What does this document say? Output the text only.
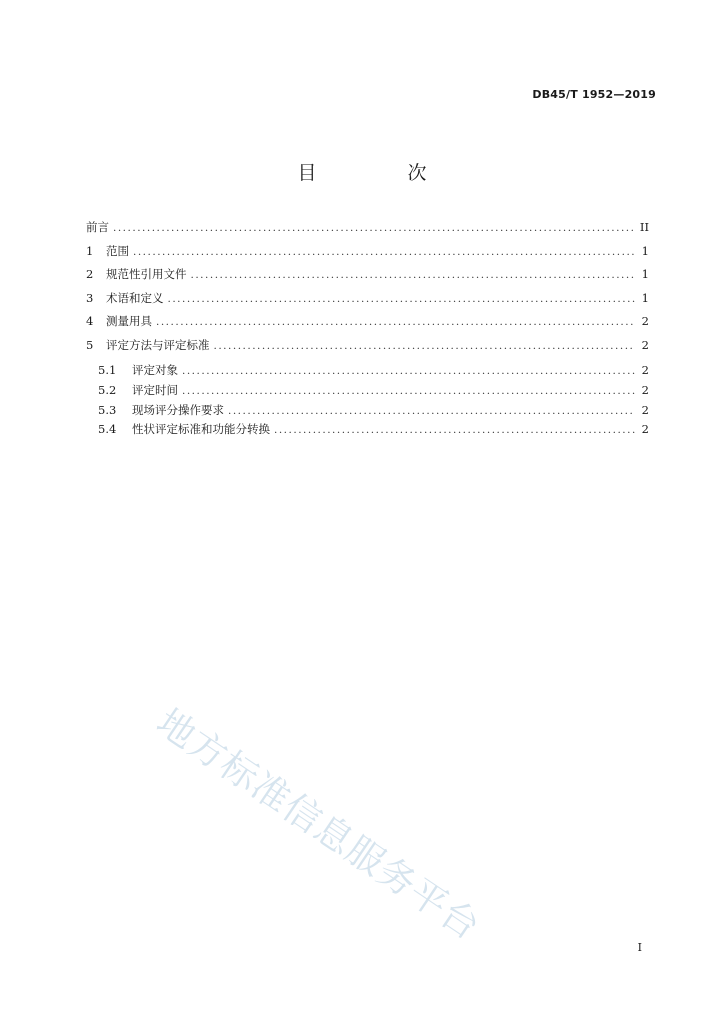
DB45/T 1952—2019
目　次
前言 .....	II
1	范围 .....	1
2	规范性引用文件 .....	1
3	术语和定义 .....	1
4	测量用具 .....	2
5	评定方法与评定标准 .....	2
5.1	评定对象 .....	2
5.2	评定时间 .....	2
5.3	现场评分操作要求 .....	2
5.4	性状评定标准和功能分转换 .....	2
地方标准信息服务平台	I
